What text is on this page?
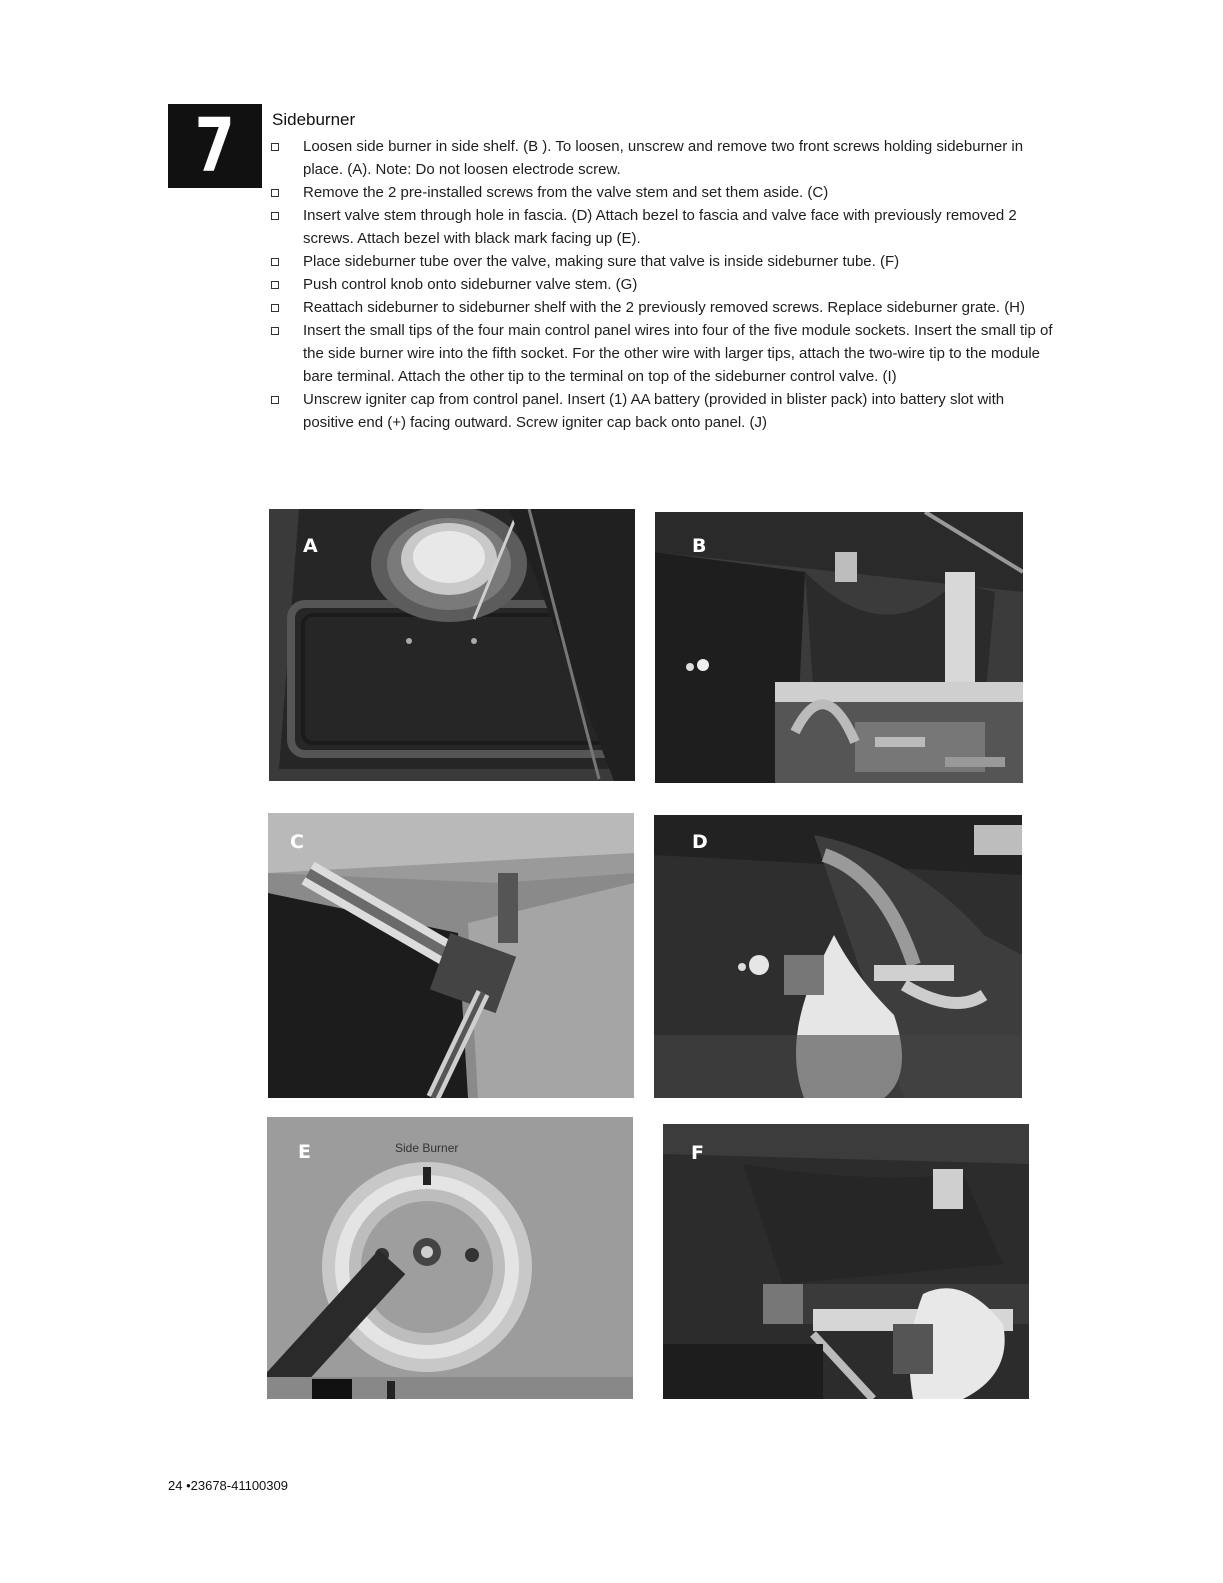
7 Sideburner
Loosen side burner in side shelf. (B ). To loosen, unscrew and remove two front screws holding sideburner in place. (A). Note: Do not loosen electrode screw.
Remove the 2 pre-installed screws from the valve stem and set them aside. (C)
Insert valve stem through hole in fascia. (D) Attach bezel to fascia and valve face with previously removed 2 screws. Attach bezel with black mark facing up (E).
Place sideburner tube over the valve, making sure that valve is inside sideburner tube. (F)
Push control knob onto sideburner valve stem. (G)
Reattach sideburner to sideburner shelf with the 2 previously removed screws. Replace sideburner grate. (H)
Insert the small tips of the four main control panel wires into four of the five module sockets. Insert the small tip of the side burner wire into the fifth socket. For the other wire with larger tips, attach the two-wire tip to the module bare terminal. Attach the other tip to the terminal on top of the sideburner control valve. (I)
Unscrew igniter cap from control panel. Insert (1) AA battery (provided in blister pack) into battery slot with positive end (+) facing outward. Screw igniter cap back onto panel. (J)
A	B
C	D
E	Side Burner	F
24 •23678-41100309
